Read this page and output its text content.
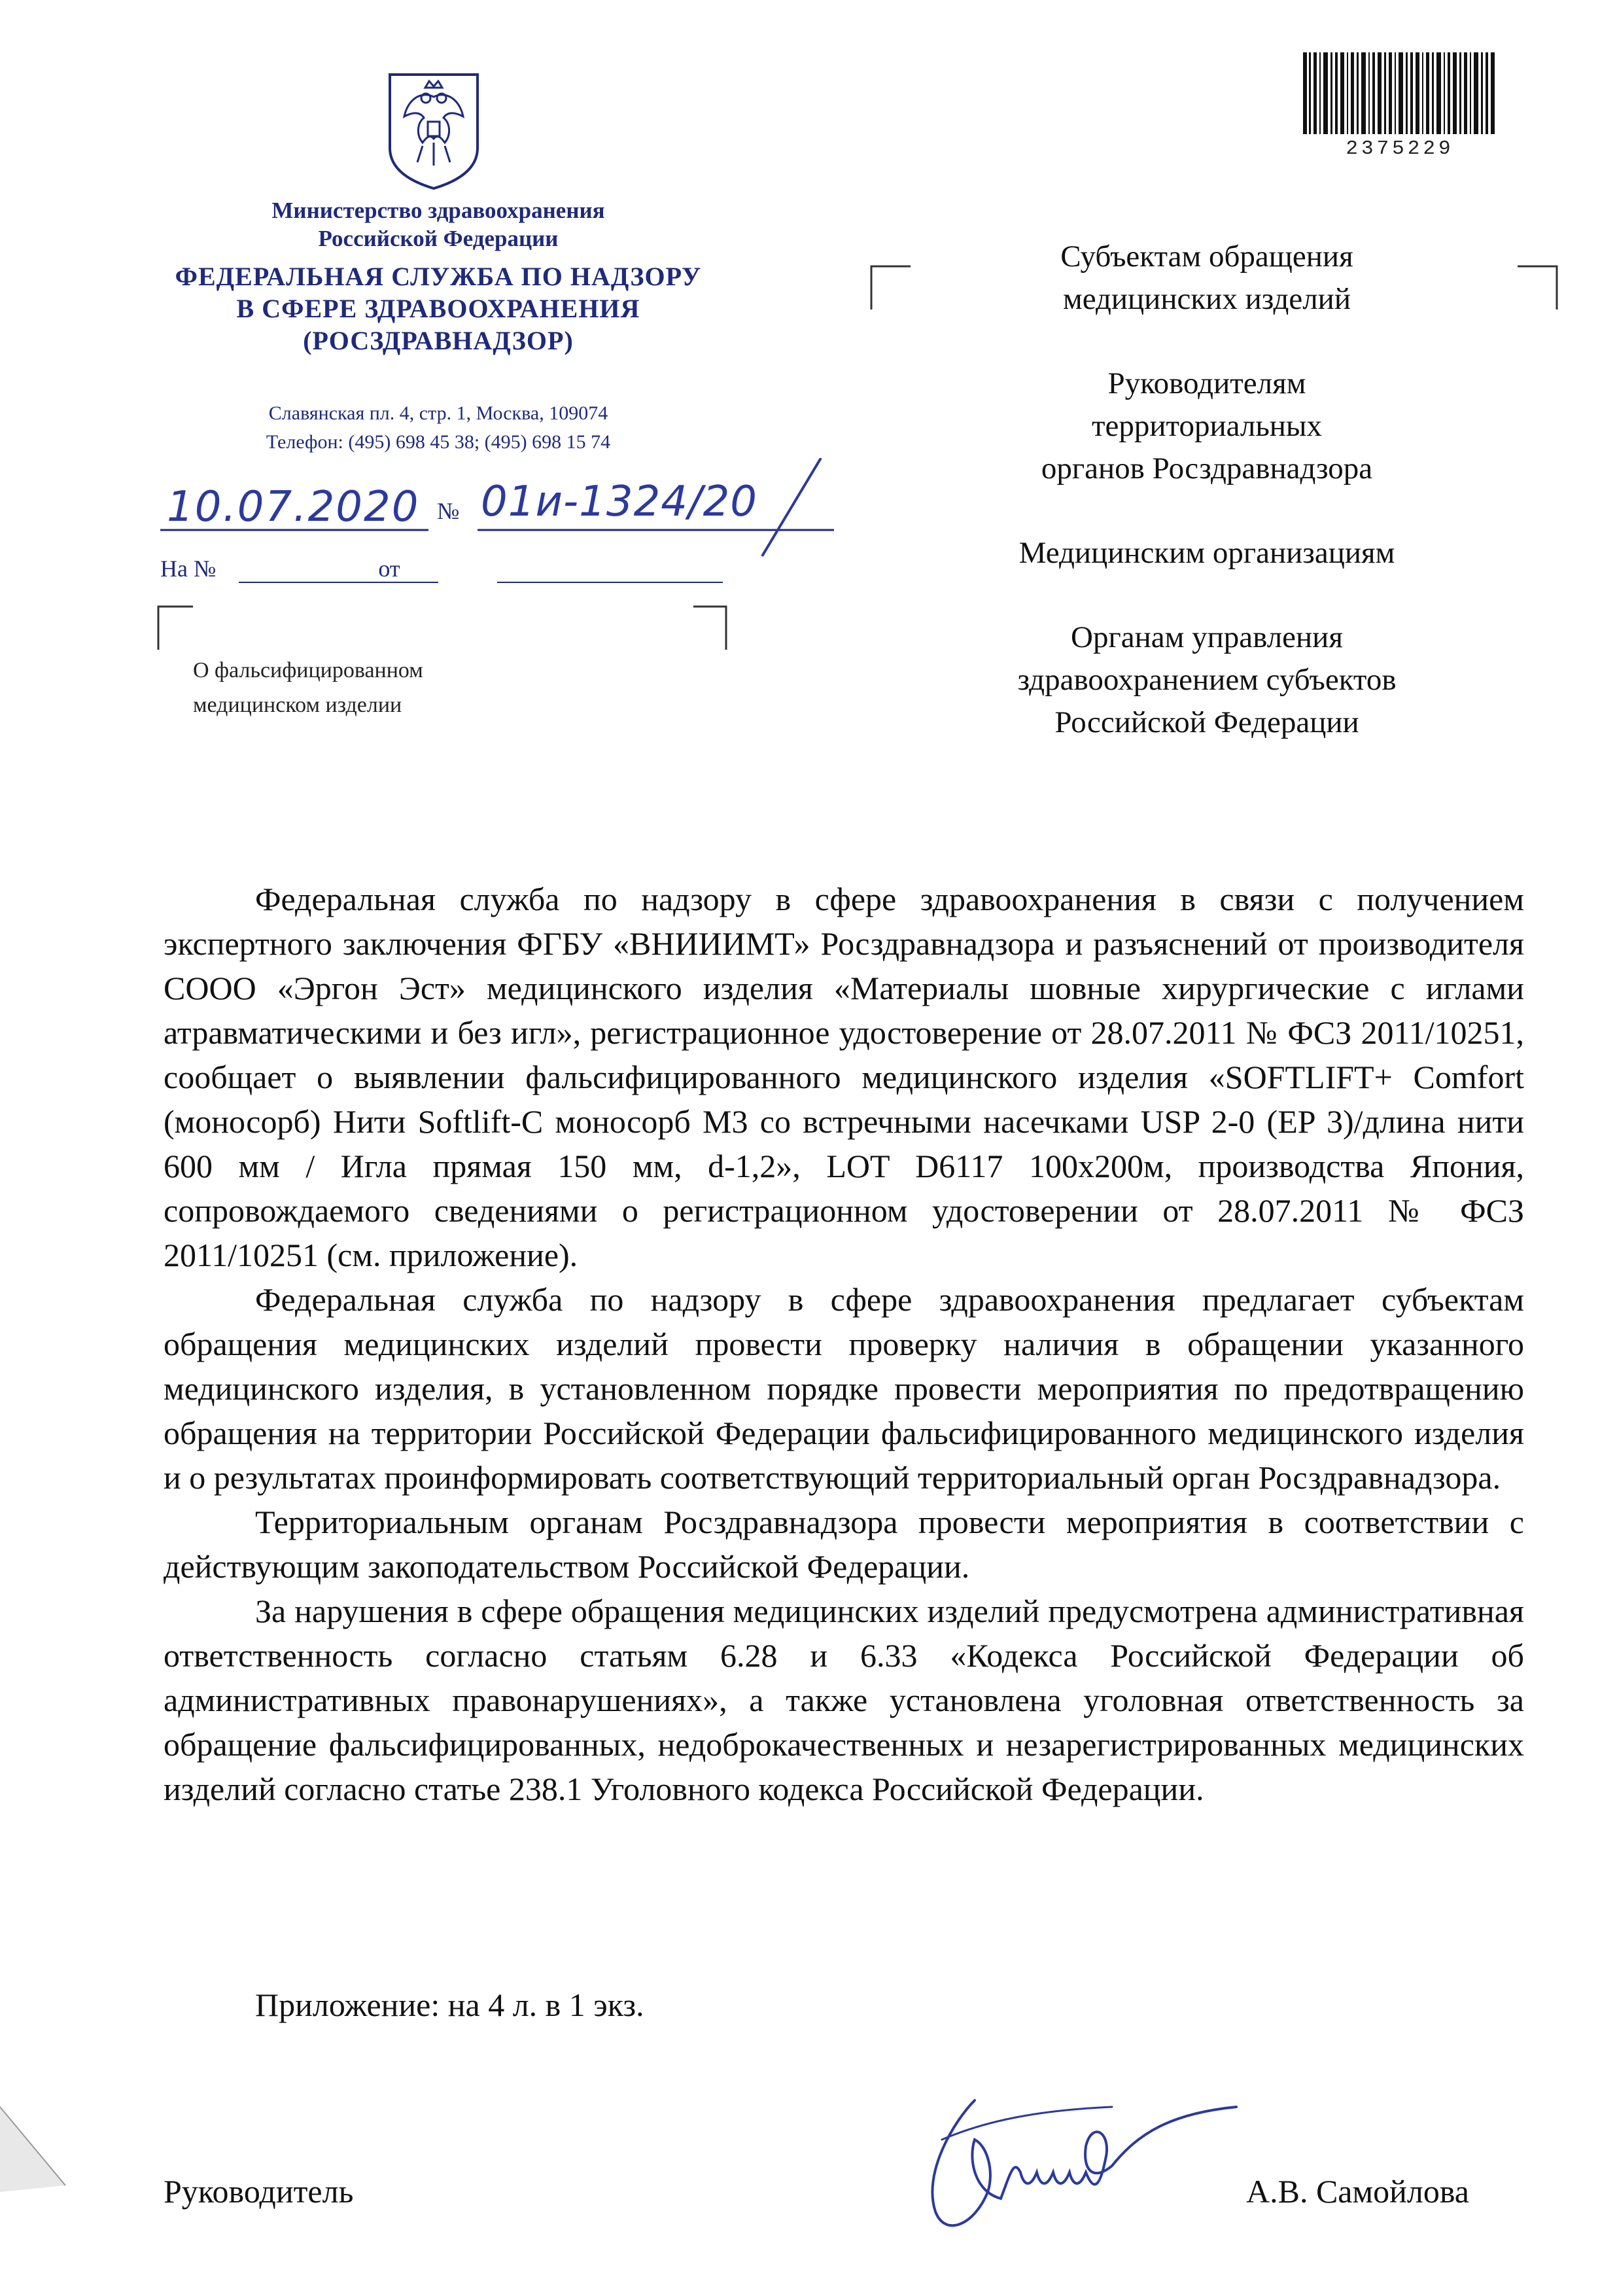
2375229
Министерство здравоохранения
Российской Федерации
ФЕДЕРАЛЬНАЯ СЛУЖБА ПО НАДЗОРУ
В СФЕРЕ ЗДРАВООХРАНЕНИЯ
(РОСЗДРАВНАДЗОР)
Славянская пл. 4, стр. 1, Москва, 109074
Телефон: (495) 698 45 38; (495) 698 15 74
10.07.2020 № 01и-1324/20
На №	от
О фальсифицированном
медицинском изделии

Субъектам обращения
медицинских изделий

Руководителям
территориальных
органов Росздравнадзора

Медицинским организациям

Органам управления
здравоохранением субъектов
Российской Федерации

Федеральная служба по надзору в сфере здравоохранения в связи с получением экспертного заключения ФГБУ «ВНИИИМТ» Росздравнадзора и разъяснений от производителя СООО «Эргон Эст» медицинского изделия «Материалы шовные хирургические с иглами атравматическими и без игл», регистрационное удостоверение от 28.07.2011 № ФСЗ 2011/10251, сообщает о выявлении фальсифицированного медицинского изделия «SOFTLIFT+ Comfort (моносорб) Нити Softlift-C моносорб М3 со встречными насечками USP 2-0 (EP 3)/длина нити 600 мм / Игла прямая 150 мм, d-1,2», LOT D6117 100х200м, производства Япония, сопровождаемого сведениями о регистрационном удостоверении от 28.07.2011 № ФСЗ 2011/10251 (см. приложение).

Федеральная служба по надзору в сфере здравоохранения предлагает субъектам обращения медицинских изделий провести проверку наличия в обращении указанного медицинского изделия, в установленном порядке провести мероприятия по предотвращению обращения на территории Российской Федерации фальсифицированного медицинского изделия и о результатах проинформировать соответствующий территориальный орган Росздравнадзора.

Территориальным органам Росздравнадзора провести мероприятия в соответствии с действующим закоподательством Российской Федерации.

За нарушения в сфере обращения медицинских изделий предусмотрена административная ответственность согласно статьям 6.28 и 6.33 «Кодекса Российской Федерации об административных правонарушениях», а также установлена уголовная ответственность за обращение фальсифицированных, недоброкачественных и незарегистрированных медицинских изделий согласно статье 238.1 Уголовного кодекса Российской Федерации.

Приложение: на 4 л. в 1 экз.
Руководитель	А.В. Самойлова
